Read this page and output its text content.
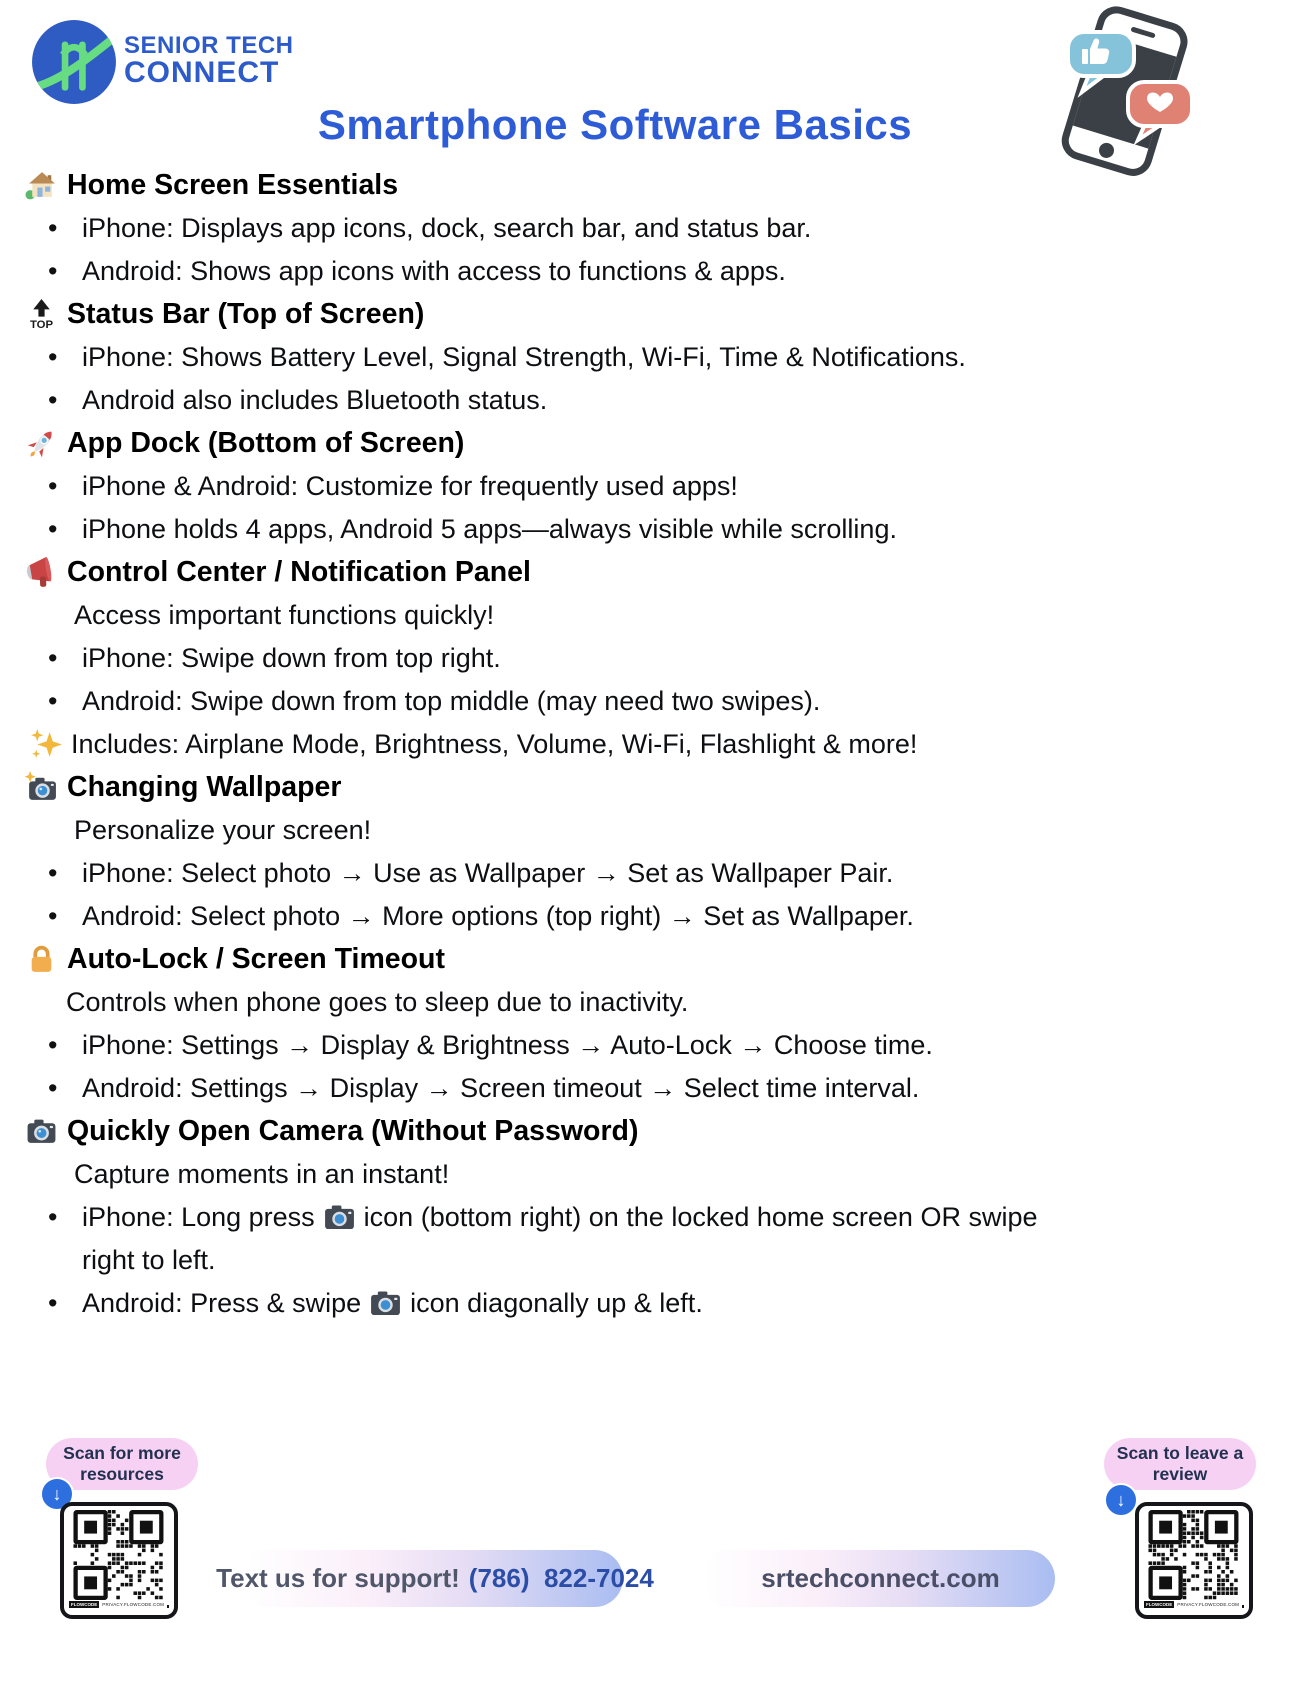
SENIOR TECH
CONNECT
Smartphone Software Basics
Home Screen Essentials
• iPhone: Displays app icons, dock, search bar, and status bar.
• Android: Shows app icons with access to functions & apps.
TOP Status Bar (Top of Screen)
• iPhone: Shows Battery Level, Signal Strength, Wi-Fi, Time & Notifications.
• Android also includes Bluetooth status.
App Dock (Bottom of Screen)
• iPhone & Android: Customize for frequently used apps!
• iPhone holds 4 apps, Android 5 apps—always visible while scrolling.
Control Center / Notification Panel
Access important functions quickly!
• iPhone: Swipe down from top right.
• Android: Swipe down from top middle (may need two swipes).
Includes: Airplane Mode, Brightness, Volume, Wi-Fi, Flashlight & more!
Changing Wallpaper
Personalize your screen!
• iPhone: Select photo → Use as Wallpaper → Set as Wallpaper Pair.
• Android: Select photo → More options (top right) → Set as Wallpaper.
Auto-Lock / Screen Timeout
Controls when phone goes to sleep due to inactivity.
• iPhone: Settings → Display & Brightness → Auto-Lock → Choose time.
• Android: Settings → Display → Screen timeout → Select time interval.
Quickly Open Camera (Without Password)
Capture moments in an instant!
• iPhone: Long press icon (bottom right) on the locked home screen OR swipe
right to left.
• Android: Press & swipe icon diagonally up & left.
Scan for more
resources
↓
FLOWCODE	PRIVACY.FLOWCODE.COM
Scan to leave a
review
↓
FLOWCODE	PRIVACY.FLOWCODE.COM
Text us for support! (786)  822-7024	srtechconnect.com
